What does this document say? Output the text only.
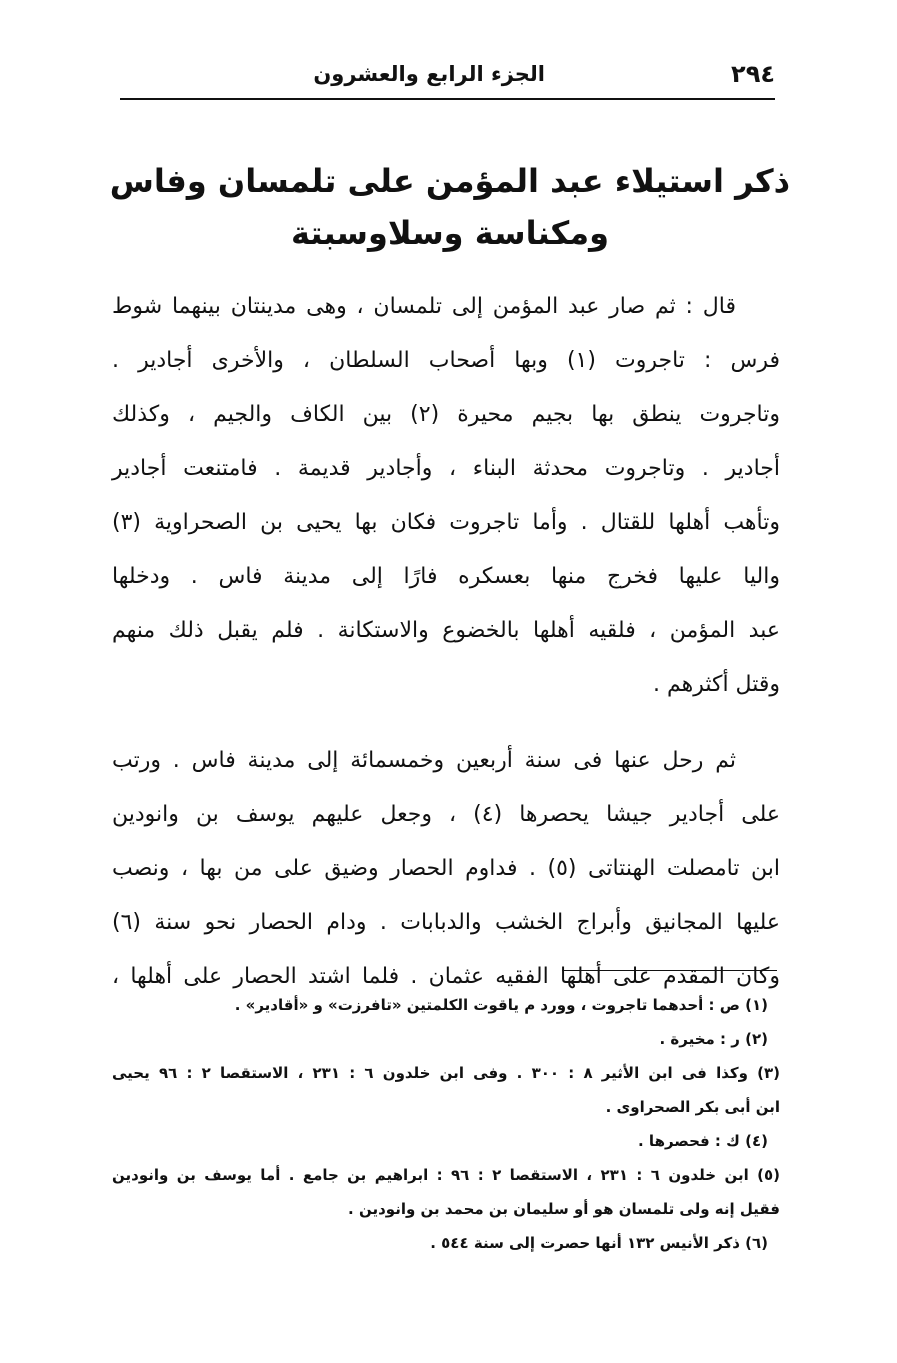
٢٩٤
الجزء الرابع والعشرون
ذكر استيلاء عبد المؤمن على تلمسان وفاس
ومكناسة وسلاوسبتة
قال : ثم صار عبد المؤمن إلى تلمسان ، وهى مدينتان بينهما شوط
فرس : تاجروت (١) وبها أصحاب السلطان ، والأخرى أجادير .
وتاجروت ينطق بها بجيم محيرة (٢) بين الكاف والجيم ، وكذلك
أجادير . وتاجروت محدثة البناء ، وأجادير قديمة . فامتنعت أجادير
وتأهب أهلها للقتال . وأما تاجروت فكان بها يحيى بن الصحراوية (٣)
واليا عليها فخرج منها بعسكره فارًا إلى مدينة فاس . ودخلها
عبد المؤمن ، فلقيه أهلها بالخضوع والاستكانة . فلم يقبل ذلك منهم
وقتل أكثرهم .
ثم رحل عنها فى سنة أربعين وخمسمائة إلى مدينة فاس . ورتب
على أجادير جيشا يحصرها (٤) ، وجعل عليهم يوسف بن وانودين
ابن تامصلت الهنتاتى (٥) . فداوم الحصار وضيق على من بها ، ونصب
عليها المجانيق وأبراج الخشب والدبابات . ودام الحصار نحو سنة (٦)
وكان المقدم على أهلها الفقيه عثمان . فلما اشتد الحصار على أهلها ،
(١) ص : أحدهما تاجروت ، وورد م ياقوت الكلمتين «تافرزت» و «أقادير» .
(٢) ر : مخيرة .
(٣) وكذا فى ابن الأثير ٨ : ٣٠٠ . وفى ابن خلدون ٦ : ٢٣١ ، الاستقصا ٢ : ٩٦ يحيى
ابن أبى بكر الصحراوى .
(٤) ك : فحصرها .
(٥) ابن خلدون ٦ : ٢٣١ ، الاستقصا ٢ : ٩٦ : ابراهيم بن جامع . أما يوسف بن وانودين
فقيل إنه ولى تلمسان هو أو سليمان بن محمد بن وانودين .
(٦) ذكر الأنيس ١٣٢ أنها حصرت إلى سنة ٥٤٤ .
